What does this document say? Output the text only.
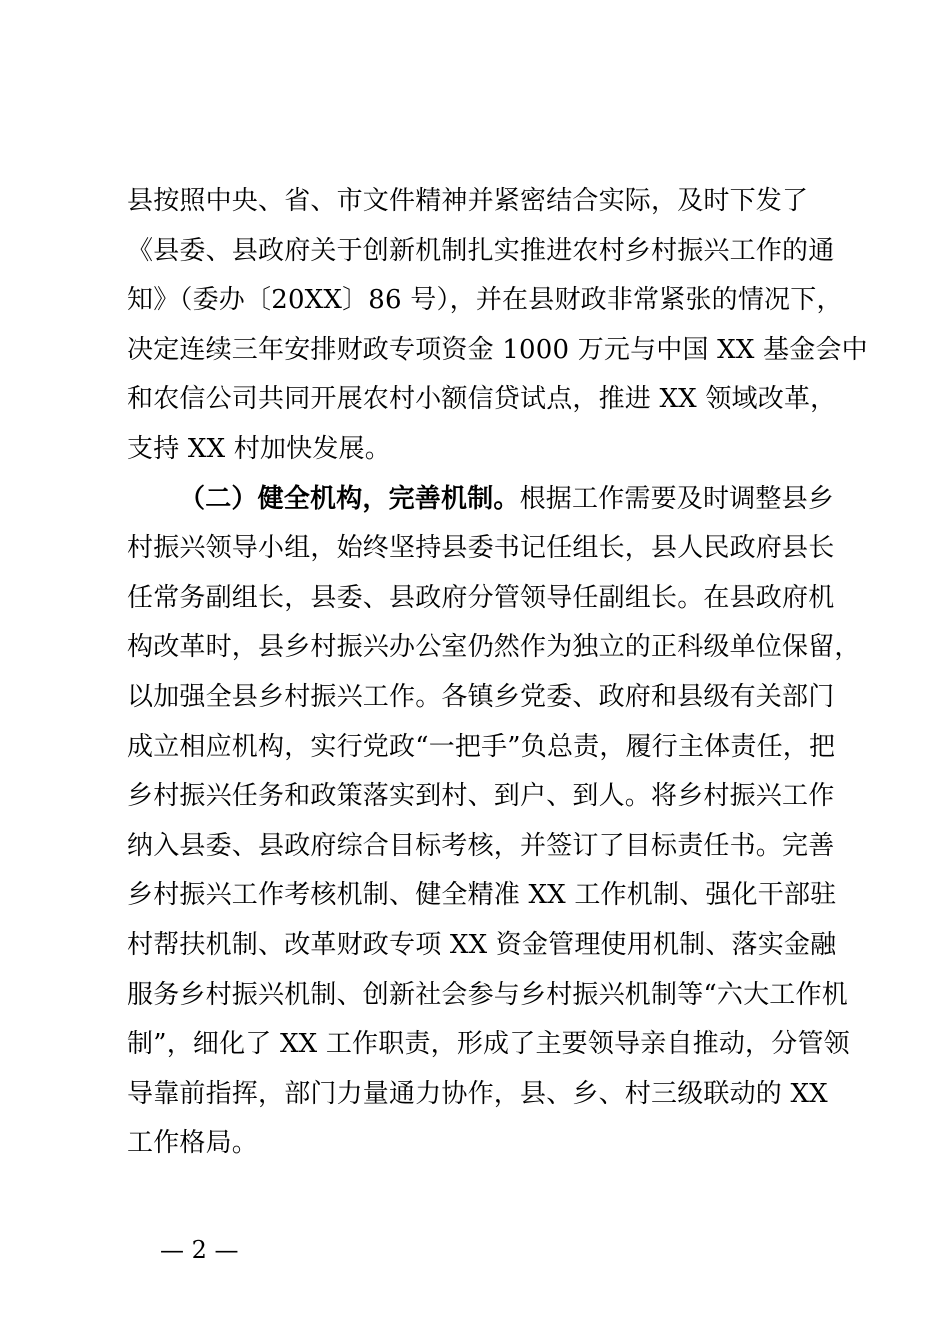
县按照中央、省、市文件精神并紧密结合实际，及时下发了
《县委、县政府关于创新机制扎实推进农村乡村振兴工作的通
知》（委办〔20XX〕86 号），并在县财政非常紧张的情况下，
决定连续三年安排财政专项资金 1000 万元与中国 XX 基金会中
和农信公司共同开展农村小额信贷试点，推进 XX 领域改革，
支持 XX 村加快发展。
（二）健全机构，完善机制。根据工作需要及时调整县乡
村振兴领导小组，始终坚持县委书记任组长，县人民政府县长
任常务副组长，县委、县政府分管领导任副组长。在县政府机
构改革时，县乡村振兴办公室仍然作为独立的正科级单位保留，
以加强全县乡村振兴工作。各镇乡党委、政府和县级有关部门
成立相应机构，实行党政“一把手”负总责，履行主体责任，把
乡村振兴任务和政策落实到村、到户、到人。将乡村振兴工作
纳入县委、县政府综合目标考核，并签订了目标责任书。完善
乡村振兴工作考核机制、健全精准 XX 工作机制、强化干部驻
村帮扶机制、改革财政专项 XX 资金管理使用机制、落实金融
服务乡村振兴机制、创新社会参与乡村振兴机制等“六大工作机
制”，细化了 XX 工作职责，形成了主要领导亲自推动，分管领
导靠前指挥，部门力量通力协作，县、乡、村三级联动的 XX
工作格局。
— 2 —
